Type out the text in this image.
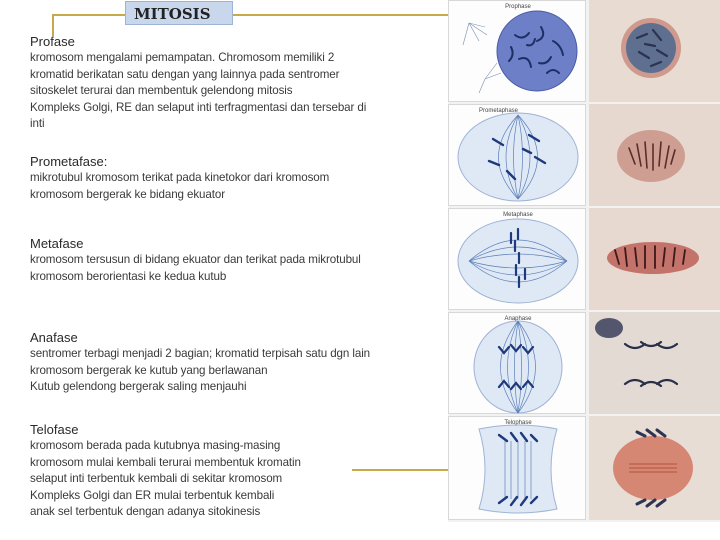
MITOSIS
Profase
kromosom mengalami pemampatan. Chromosom memiliki 2
kromatid berikatan satu dengan yang lainnya pada sentromer
sitoskelet terurai dan membentuk gelendong mitosis
Kompleks Golgi, RE dan selaput inti terfragmentasi dan tersebar di
inti
Prometafase:
mikrotubul kromosom terikat pada kinetokor dari kromosom
kromosom bergerak ke bidang ekuator
Metafase
kromosom tersusun di bidang ekuator dan terikat pada mikrotubul
kromosom berorientasi ke kedua kutub
Anafase
sentromer terbagi menjadi 2 bagian; kromatid terpisah satu dgn lain
kromosom bergerak ke kutub yang berlawanan
Kutub gelendong bergerak saling menjauhi
Telofase
kromosom berada pada kutubnya masing-masing
kromosom mulai kembali terurai membentuk kromatin
selaput inti terbentuk kembali di sekitar kromosom
Kompleks Golgi dan ER mulai terbentuk kembali
anak sel terbentuk dengan adanya sitokinesis
Prophase
Prometaphase
Metaphase
Anaphase
Telophase
